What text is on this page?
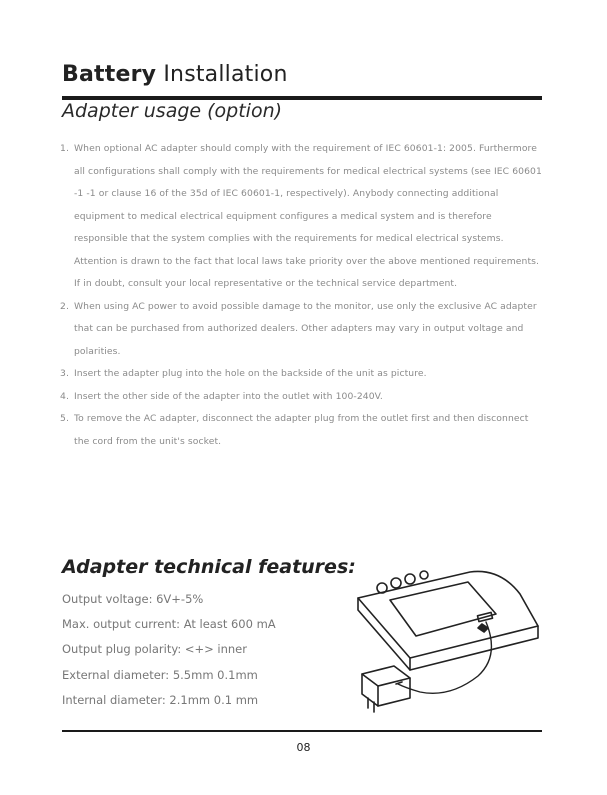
Battery Installation
Adapter usage (option)
1. When optional AC adapter should comply with the requirement of IEC 60601-1: 2005. Furthermore all configurations shall comply with the requirements for medical electrical systems (see IEC 60601 -1 -1 or clause 16 of the 35d of IEC 60601-1, respectively). Anybody connecting additional equipment to medical electrical equipment configures a medical system and is therefore responsible that the system complies with the requirements for medical electrical systems. Attention is drawn to the fact that local laws take priority over the above mentioned requirements. If in doubt, consult your local representative or the technical service department.
2. When using AC power to avoid possible damage to the monitor, use only the exclusive AC adapter that can be purchased from authorized dealers. Other adapters may vary in output voltage and polarities.
3. Insert the adapter plug into the hole on the backside of the unit as picture.
4. Insert the other side of the adapter into the outlet with 100-240V.
5. To remove the AC adapter, disconnect the adapter plug from the outlet first and then disconnect the cord from the unit's socket.
Adapter technical features:
Output voltage: 6V+-5%
Max. output current: At least 600 mA
Output plug polarity: <+> inner
External diameter: 5.5mm 0.1mm
Internal diameter: 2.1mm 0.1 mm
08
